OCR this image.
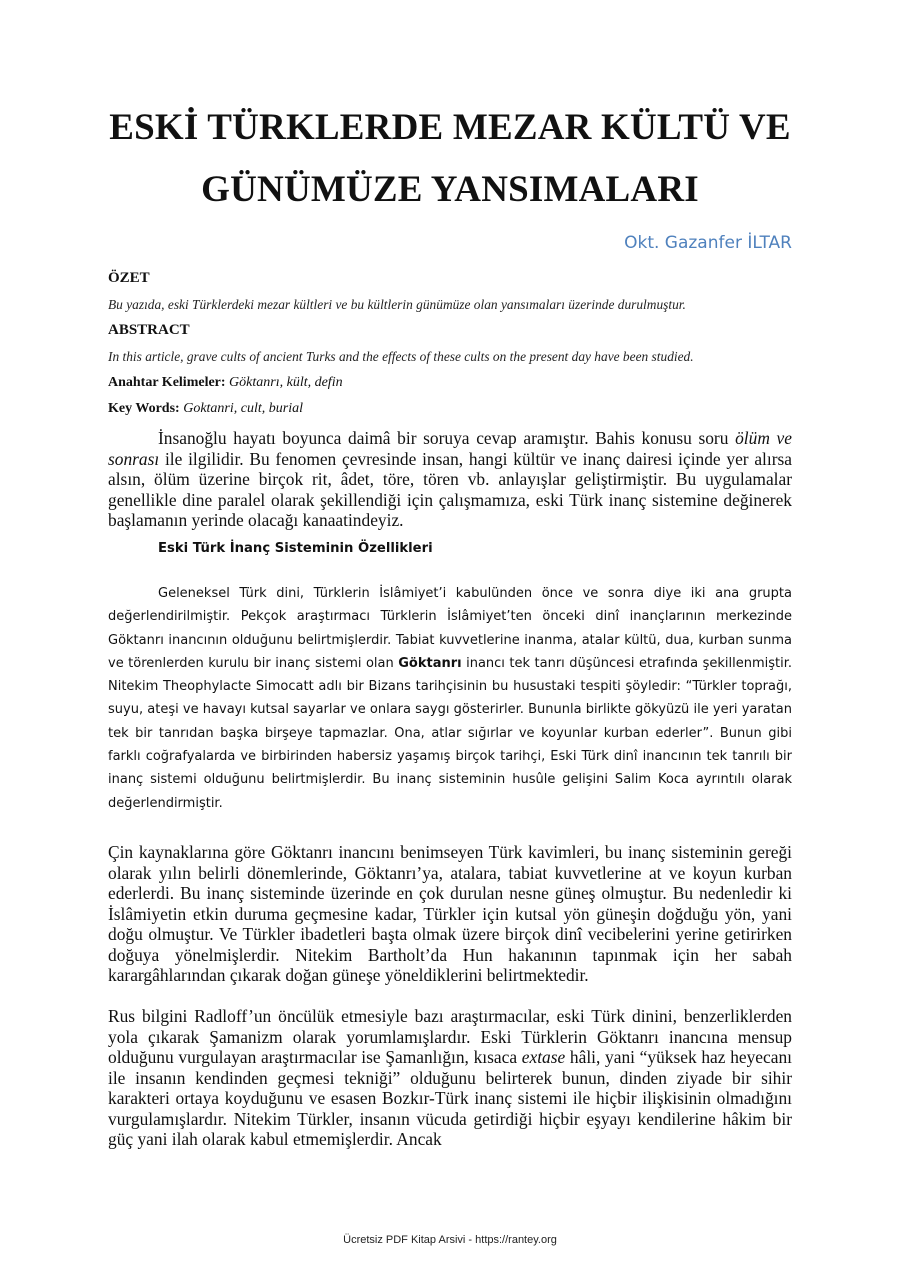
ESKİ TÜRKLERDE MEZAR KÜLTÜ VE
GÜNÜMÜZE YANSIMALARI
Okt. Gazanfer İLTAR
ÖZET
Bu yazıda, eski Türklerdeki mezar kültleri ve bu kültlerin günümüze olan yansımaları üzerinde durulmuştur.
ABSTRACT
In this article, grave cults of ancient Turks and the effects of these cults on the present day have been studied.
Anahtar Kelimeler: Göktanrı, kült, defin
Key Words: Goktanri, cult, burial

İnsanoğlu hayatı boyunca daimâ bir soruya cevap aramıştır. Bahis konusu soru ölüm ve sonrası ile ilgilidir. Bu fenomen çevresinde insan, hangi kültür ve inanç dairesi içinde yer alırsa alsın, ölüm üzerine birçok rit, âdet, töre, tören vb. anlayışlar geliştirmiştir. Bu uygulamalar genellikle dine paralel olarak şekillendiği için çalışmamıza, eski Türk inanç sistemine değinerek başlamanın yerinde olacağı kanaatindeyiz.

Eski Türk İnanç Sisteminin Özellikleri

Geleneksel Türk dini, Türklerin İslâmiyet’i kabulünden önce ve sonra diye iki ana grupta değerlendirilmiştir. Pekçok araştırmacı Türklerin İslâmiyet’ten önceki dinî inançlarının merkezinde Göktanrı inancının olduğunu belirtmişlerdir. Tabiat kuvvetlerine inanma, atalar kültü, dua, kurban sunma ve törenlerden kurulu bir inanç sistemi olan Göktanrı inancı tek tanrı düşüncesi etrafında şekillenmiştir. Nitekim Theophylacte Simocatt adlı bir Bizans tarihçisinin bu husustaki tespiti şöyledir: “Türkler toprağı, suyu, ateşi ve havayı kutsal sayarlar ve onlara saygı gösterirler. Bununla birlikte gökyüzü ile yeri yaratan tek bir tanrıdan başka birşeye tapmazlar. Ona, atlar sığırlar ve koyunlar kurban ederler”. Bunun gibi farklı coğrafyalarda ve birbirinden habersiz yaşamış birçok tarihçi, Eski Türk dinî inancının tek tanrılı bir inanç sistemi olduğunu belirtmişlerdir. Bu inanç sisteminin husûle gelişini Salim Koca ayrıntılı olarak değerlendirmiştir.

Çin kaynaklarına göre Göktanrı inancını benimseyen Türk kavimleri, bu inanç sisteminin gereği olarak yılın belirli dönemlerinde, Göktanrı’ya, atalara, tabiat kuvvetlerine at ve koyun kurban ederlerdi. Bu inanç sisteminde üzerinde en çok durulan nesne güneş olmuştur. Bu nedenledir ki İslâmiyetin etkin duruma geçmesine kadar, Türkler için kutsal yön güneşin doğduğu yön, yani doğu olmuştur. Ve Türkler ibadetleri başta olmak üzere birçok dinî vecibelerini yerine getirirken doğuya yönelmişlerdir. Nitekim Bartholt’da Hun hakanının tapınmak için her sabah karargâhlarından çıkarak doğan güneşe yöneldiklerini belirtmektedir.

Rus bilgini Radloff’un öncülük etmesiyle bazı araştırmacılar, eski Türk dinini, benzerliklerden yola çıkarak Şamanizm olarak yorumlamışlardır. Eski Türklerin Göktanrı inancına mensup olduğunu vurgulayan araştırmacılar ise Şamanlığın, kısaca extase hâli, yani “yüksek haz heyecanı ile insanın kendinden geçmesi tekniği” olduğunu belirterek bunun, dinden ziyade bir sihir karakteri ortaya koyduğunu ve esasen Bozkır-Türk inanç sistemi ile hiçbir ilişkisinin olmadığını vurgulamışlardır. Nitekim Türkler, insanın vücuda getirdiği hiçbir eşyayı kendilerine hâkim bir güç yani ilah olarak kabul etmemişlerdir. Ancak

Ücretsiz PDF Kitap Arsivi - https://rantey.org
